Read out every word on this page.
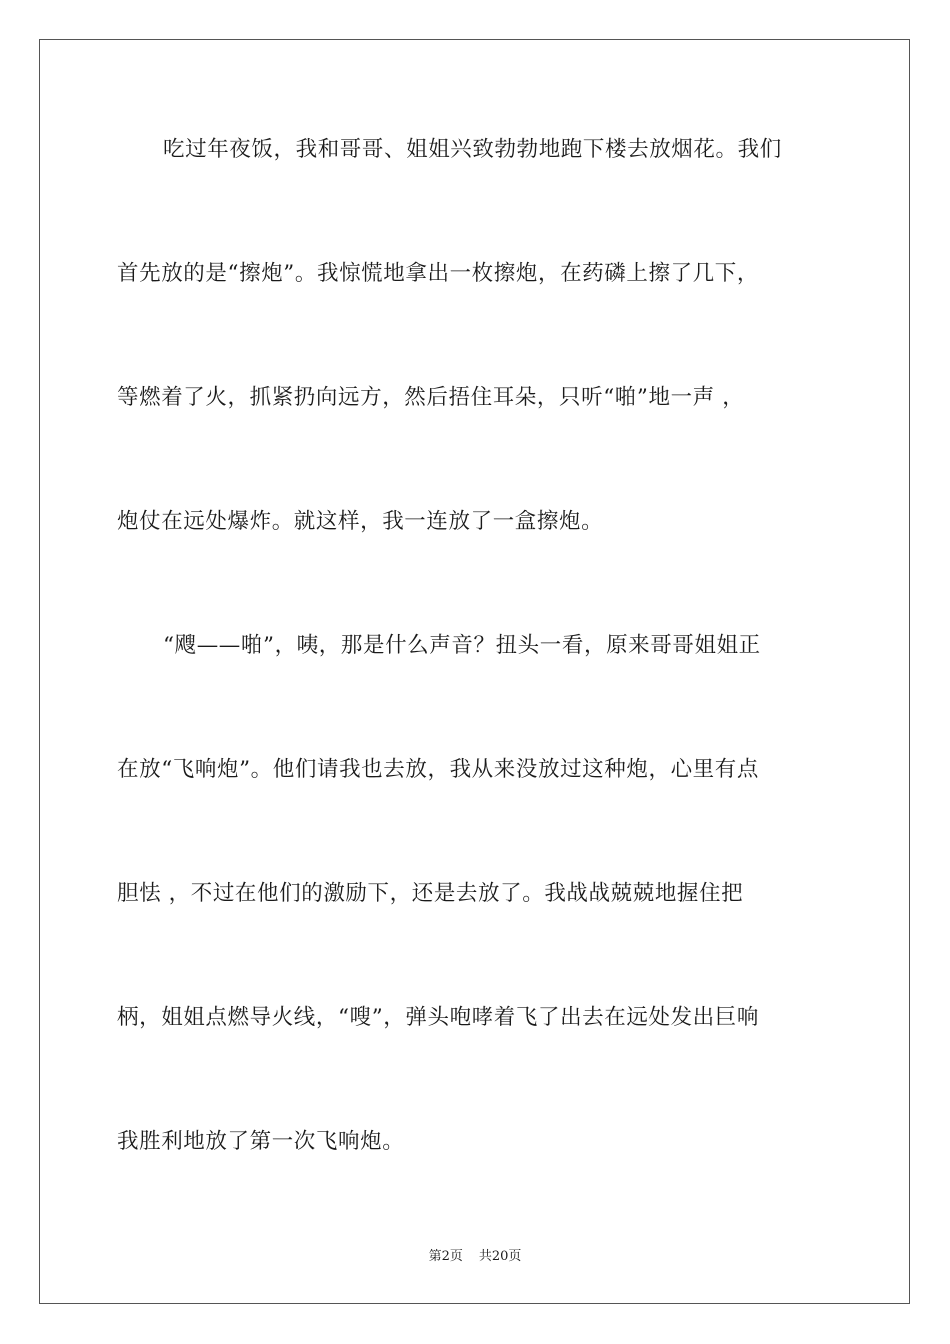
吃过年夜饭，我和哥哥、姐姐兴致勃勃地跑下楼去放烟花。我们
首先放的是“擦炮”。我惊慌地拿出一枚擦炮，在药磷上擦了几下，
等燃着了火，抓紧扔向远方，然后捂住耳朵，只听“啪”地一声 ，
炮仗在远处爆炸。就这样，我一连放了一盒擦炮。
“飕——啪”，咦，那是什么声音？扭头一看，原来哥哥姐姐正
在放“飞响炮”。他们请我也去放，我从来没放过这种炮，心里有点
胆怯 ，不过在他们的激励下，还是去放了。我战战兢兢地握住把
柄，姐姐点燃导火线，“嗖”，弹头咆哮着飞了出去在远处发出巨响
我胜利地放了第一次飞响炮。
第2页 共20页
